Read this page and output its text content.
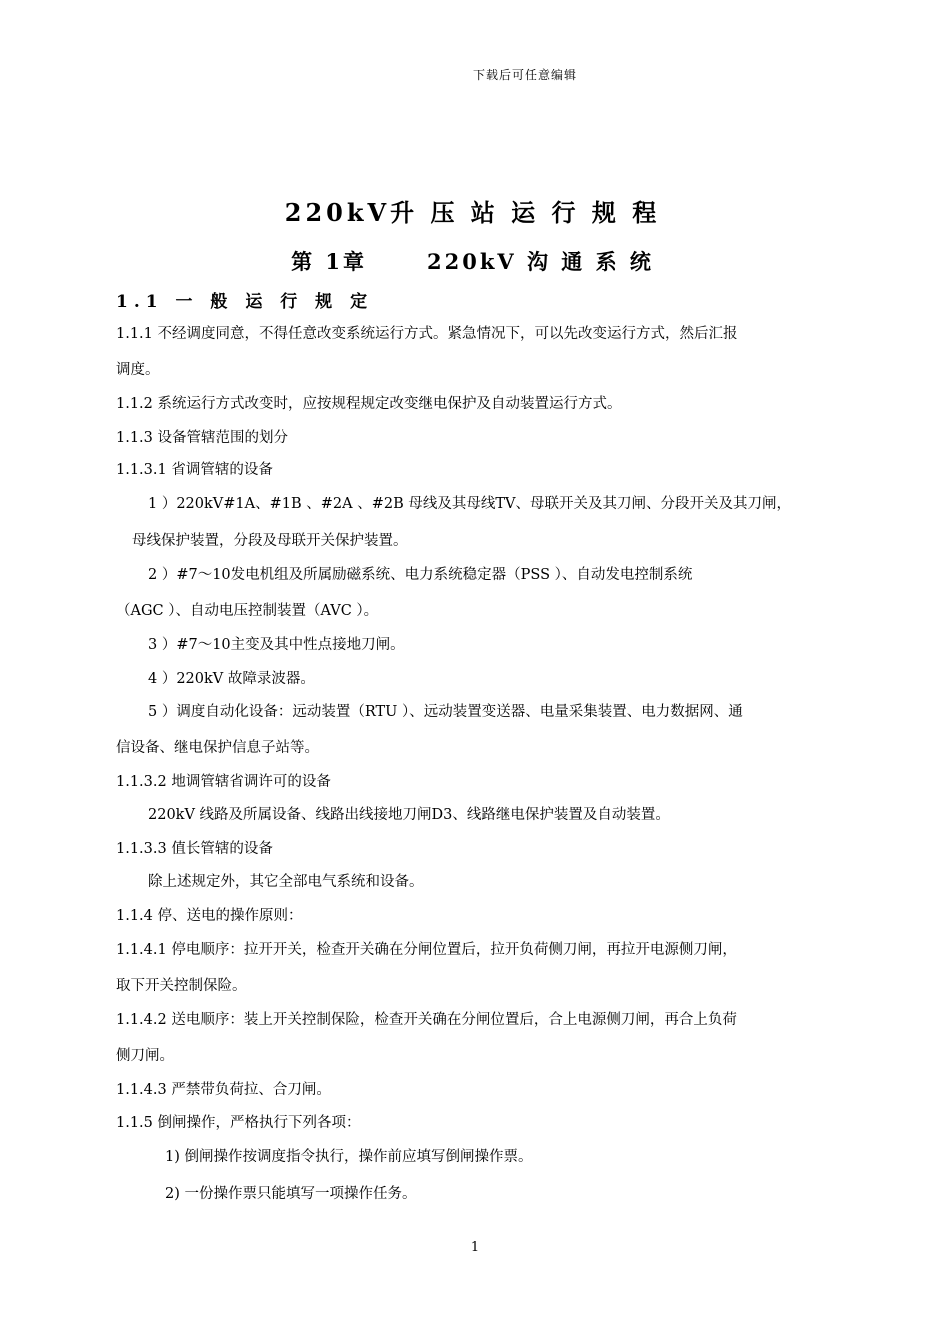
下载后可任意编辑
220kV升 压 站 运 行 规 程
第 1章	220kV 沟 通 系 统
1.1 一 般 运 行 规 定
1.1.1 不经调度同意，不得任意改变系统运行方式。紧急情况下，可以先改变运行方式，然后汇报
调度。
1.1.2 系统运行方式改变时，应按规程规定改变继电保护及自动装置运行方式。
1.1.3 设备管辖范围的划分
1.1.3.1 省调管辖的设备
1 ）220kV#1A、#1B 、#2A 、#2B 母线及其母线TV、母联开关及其刀闸、分段开关及其刀闸，
母线保护装置，分段及母联开关保护装置。
2 ）#7～10发电机组及所属励磁系统、电力系统稳定器（PSS ）、自动发电控制系统
（AGC ）、自动电压控制装置（AVC ）。
3 ）#7～10主变及其中性点接地刀闸。
4 ）220kV 故障录波器。
5 ）调度自动化设备：远动装置（RTU ）、远动装置变送器、电量采集装置、电力数据网、通
信设备、继电保护信息子站等。
1.1.3.2 地调管辖省调许可的设备
220kV 线路及所属设备、线路出线接地刀闸D3、线路继电保护装置及自动装置。
1.1.3.3 值长管辖的设备
除上述规定外，其它全部电气系统和设备。
1.1.4 停、送电的操作原则：
1.1.4.1 停电顺序：拉开开关，检查开关确在分闸位置后，拉开负荷侧刀闸，再拉开电源侧刀闸，
取下开关控制保险。
1.1.4.2 送电顺序：装上开关控制保险，检查开关确在分闸位置后，合上电源侧刀闸，再合上负荷
侧刀闸。
1.1.4.3 严禁带负荷拉、合刀闸。
1.1.5 倒闸操作，严格执行下列各项：
1) 倒闸操作按调度指令执行，操作前应填写倒闸操作票。
2) 一份操作票只能填写一项操作任务。
1
